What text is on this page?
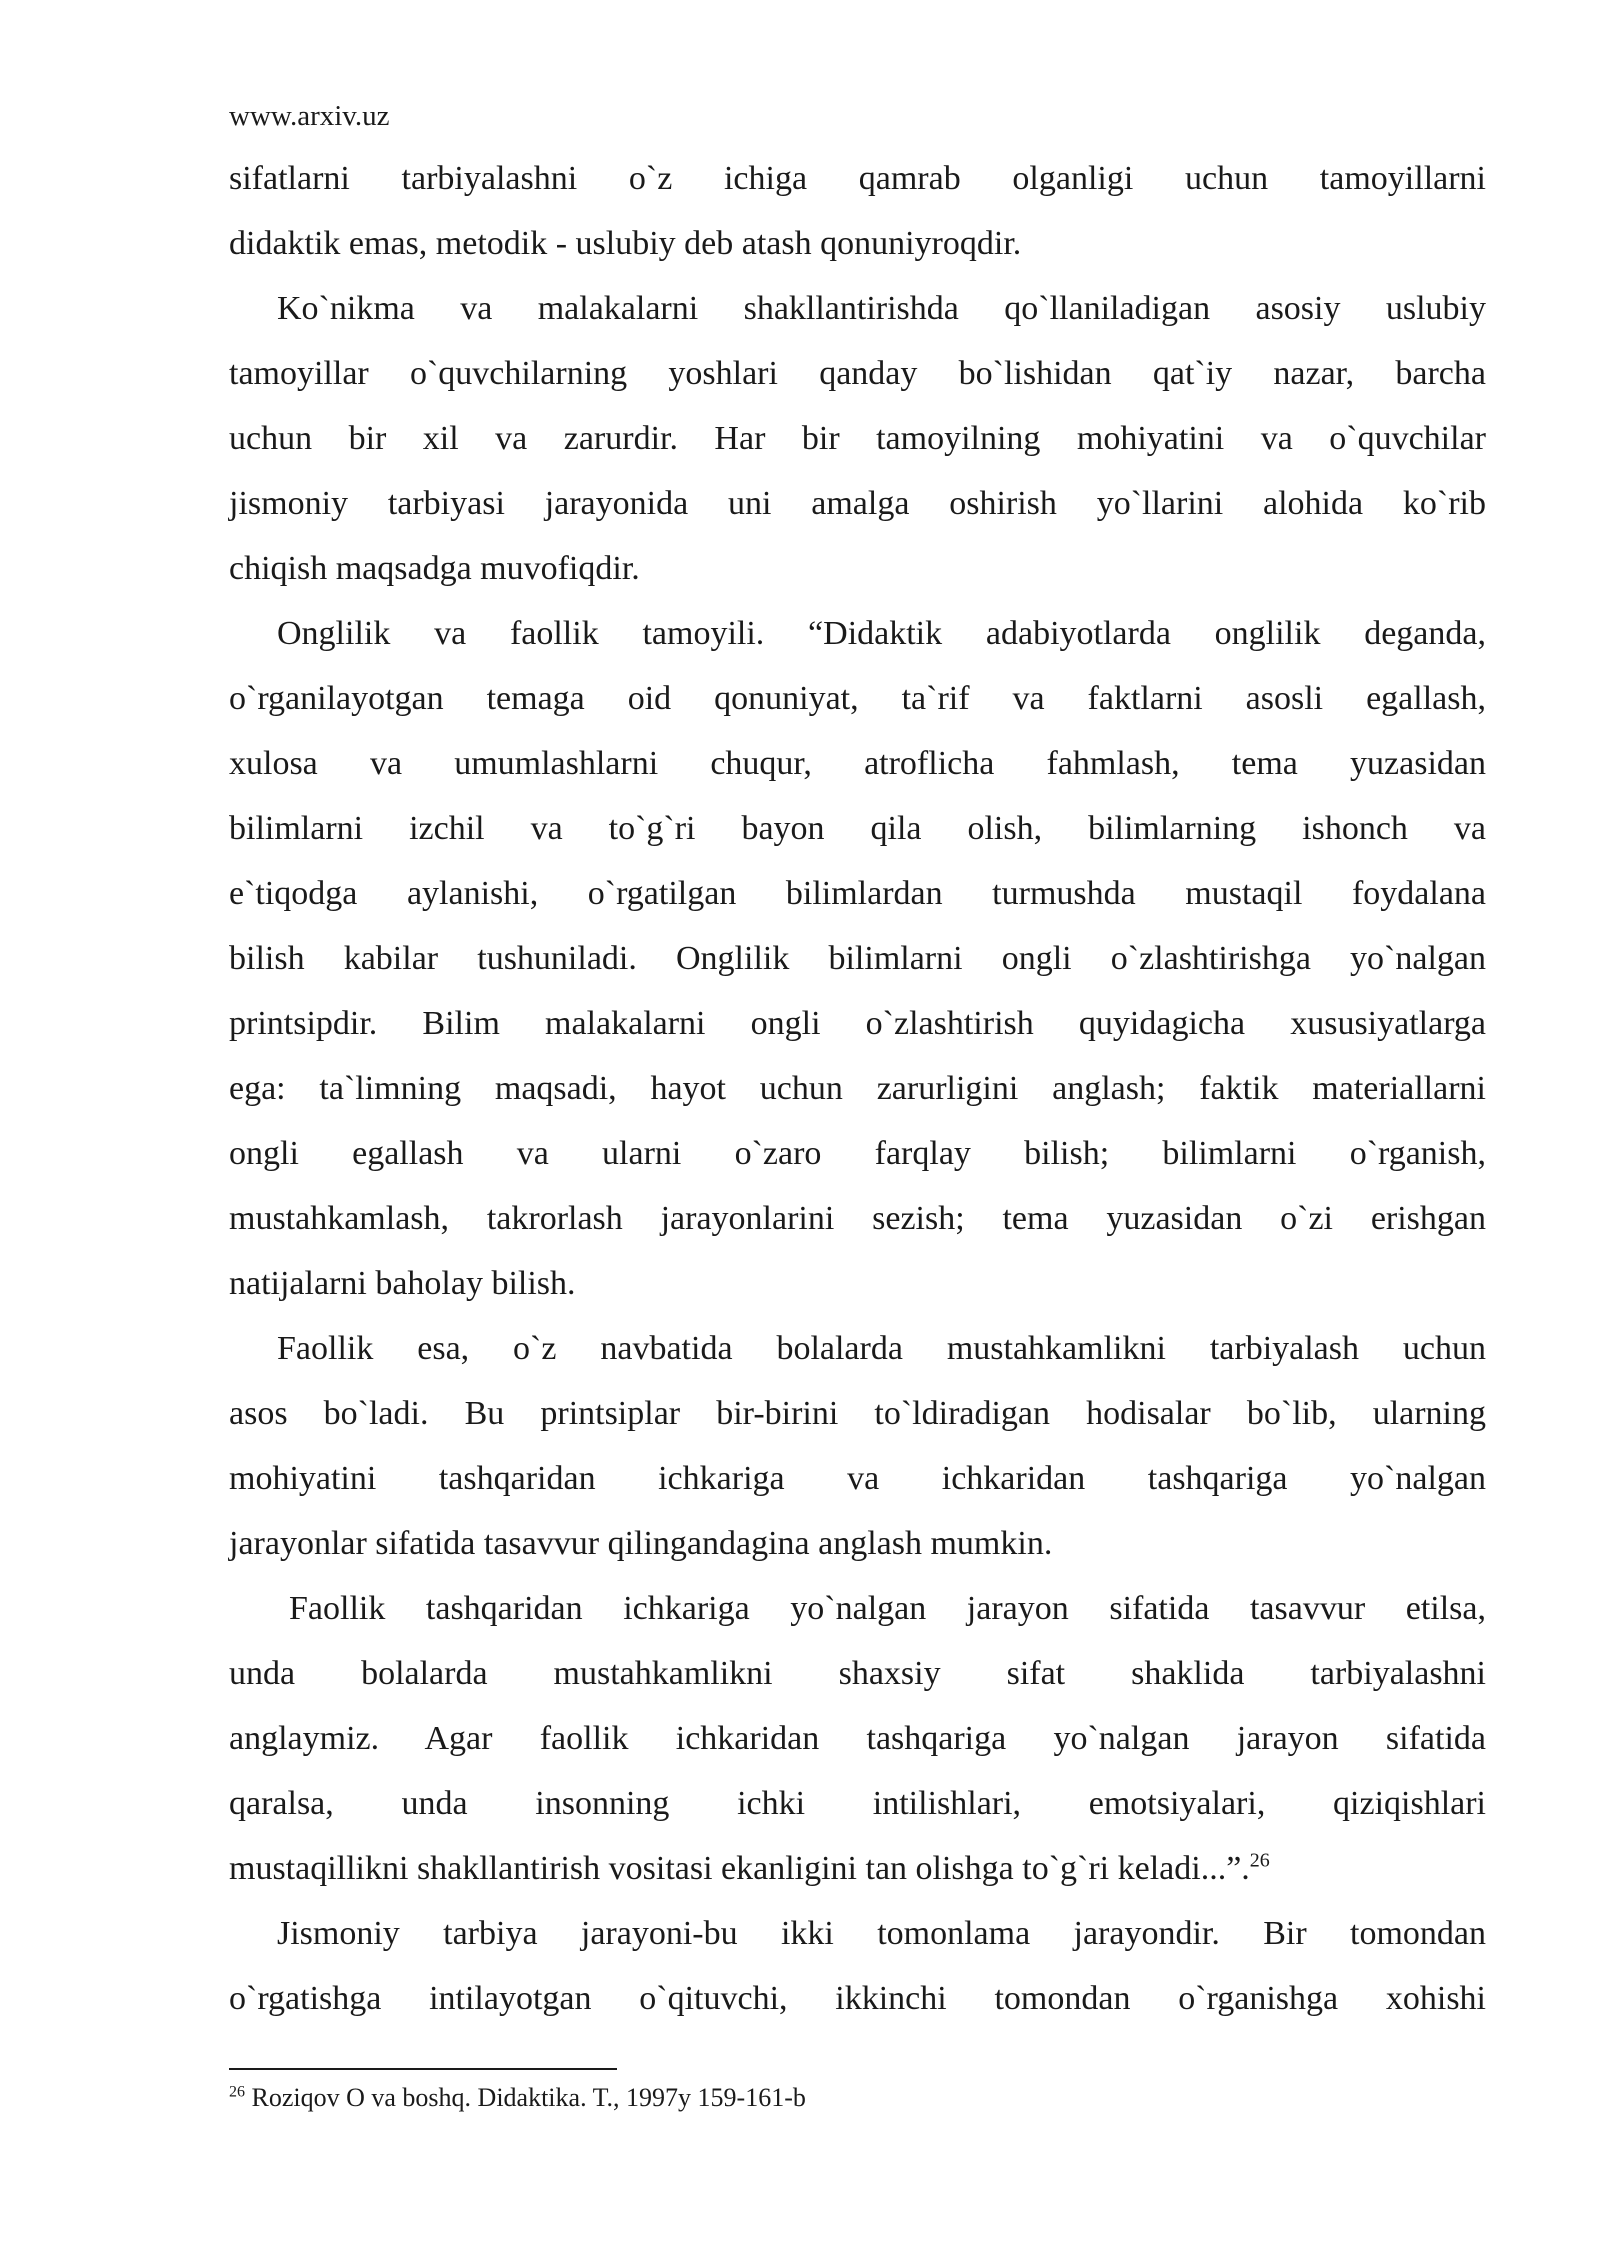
www.arxiv.uz
sifatlarni tarbiyalashni o`z ichiga qamrab olganligi uchun tamoyillarni
didaktik emas, metodik - uslubiy deb atash qonuniyroqdir.
Ko`nikma va malakalarni shakllantirishda qo`llaniladigan asosiy uslubiy
tamoyillar o`quvchilarning yoshlari qanday bo`lishidan qat`iy nazar, barcha
uchun bir xil va zarurdir. Har bir tamoyilning mohiyatini va o`quvchilar
jismoniy tarbiyasi jarayonida uni amalga oshirish yo`llarini alohida ko`rib
chiqish maqsadga muvofiqdir.
Onglilik va faollik tamoyili. “Didaktik adabiyotlarda onglilik deganda,
o`rganilayotgan temaga oid qonuniyat, ta`rif va faktlarni asosli egallash,
xulosa va umumlashlarni chuqur, atroflicha fahmlash, tema yuzasidan
bilimlarni izchil va to`g`ri bayon qila olish, bilimlarning ishonch va
e`tiqodga aylanishi, o`rgatilgan bilimlardan turmushda mustaqil foydalana
bilish kabilar tushuniladi. Onglilik bilimlarni ongli o`zlashtirishga yo`nalgan
printsipdir. Bilim malakalarni ongli o`zlashtirish quyidagicha xususiyatlarga
ega: ta`limning maqsadi, hayot uchun zarurligini anglash; faktik materiallarni
ongli egallash va ularni o`zaro farqlay bilish; bilimlarni o`rganish,
mustahkamlash, takrorlash jarayonlarini sezish; tema yuzasidan o`zi erishgan
natijalarni baholay bilish.
Faollik esa, o`z navbatida bolalarda mustahkamlikni tarbiyalash uchun
asos bo`ladi. Bu printsiplar bir-birini to`ldiradigan hodisalar bo`lib, ularning
mohiyatini tashqaridan ichkariga va ichkaridan tashqariga yo`nalgan
jarayonlar sifatida tasavvur qilingandagina anglash mumkin.
Faollik tashqaridan ichkariga yo`nalgan jarayon sifatida tasavvur etilsa,
unda bolalarda mustahkamlikni shaxsiy sifat shaklida tarbiyalashni
anglaymiz. Agar faollik ichkaridan tashqariga yo`nalgan jarayon sifatida
qaralsa, unda insonning ichki intilishlari, emotsiyalari, qiziqishlari
mustaqillikni shakllantirish vositasi ekanligini tan olishga to`g`ri keladi...”.$^{26}$
Jismoniy tarbiya jarayoni-bu ikki tomonlama jarayondir. Bir tomondan
o`rgatishga intilayotgan o`qituvchi, ikkinchi tomondan o`rganishga xohishi
$^{26}$ Roziqov O va boshq. Didaktika. T., 1997y 159-161-b
